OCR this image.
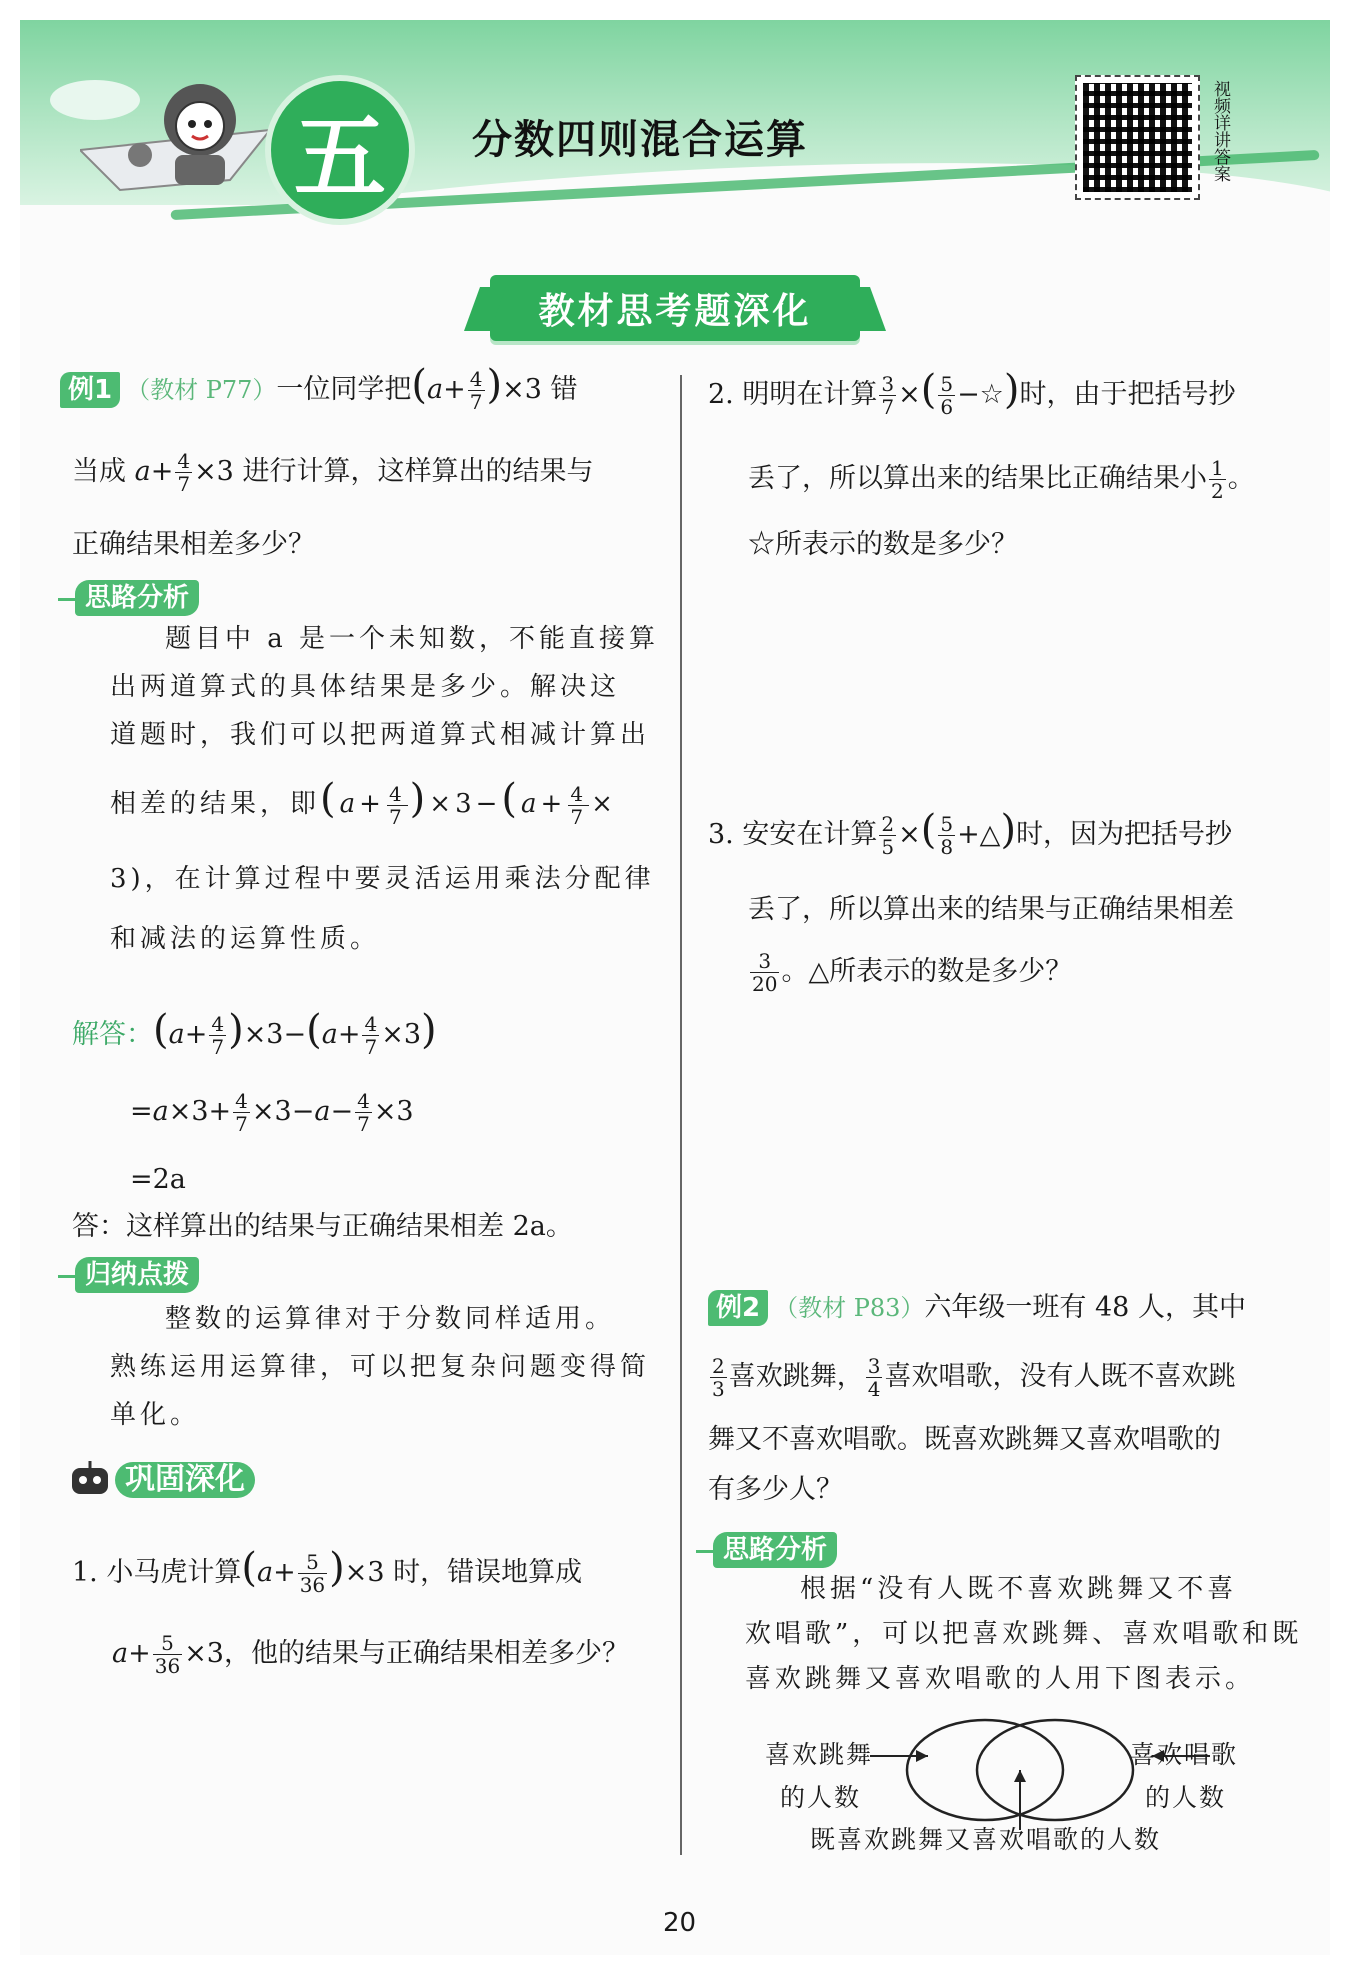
五	分数四则混合运算	视频详讲答案
教材思考题深化
例1 （教材 P77）一位同学把$(a+ \frac{4}{7} )\times 3$ 错
当成 $a+ \frac{4}{7} \times 3$ 进行计算，这样算出的结果与
正确结果相差多少？
思路分析
题目中 a 是一个未知数，不能直接算
出两道算式的具体结果是多少。解决这
道题时，我们可以把两道算式相减计算出
相差的结果，即$(a+ \frac{4}{7} )\times 3-(a+ \frac{4}{7}$ ×
3)，在计算过程中要灵活运用乘法分配律
和减法的运算性质。
解答：$(a+ \frac{4}{7} )\times 3-(a+ \frac{4}{7} \times 3)$
$=a\times 3+ \frac{4}{7} \times 3-a- \frac{4}{7} \times 3$
=2a
答：这样算出的结果与正确结果相差 2a。
归纳点拨
整数的运算律对于分数同样适用。
熟练运用运算律，可以把复杂问题变得简
单化。
巩固深化
1. 小马虎计算$(a+ \frac{5}{36} )\times 3$ 时，错误地算成
$a+ \frac{5}{36} \times 3$，他的结果与正确结果相差多少？
2. 明明在计算 $\frac{3}{7}$ ×( $\frac{5}{6}$ −☆)时，由于把括号抄
丢了，所以算出来的结果比正确结果小 $\frac{1}{2}$ 。
☆所表示的数是多少？
3. 安安在计算 $\frac{2}{5}$ ×( $\frac{5}{8}$ +△)时，因为把括号抄
丢了，所以算出来的结果与正确结果相差
$\frac{3}{20}$ 。△所表示的数是多少？
例2 （教材 P83）六年级一班有 48 人，其中
$\frac{2}{3}$ 喜欢跳舞， $\frac{3}{4}$ 喜欢唱歌，没有人既不喜欢跳
舞又不喜欢唱歌。既喜欢跳舞又喜欢唱歌的
有多少人？
思路分析
根据“没有人既不喜欢跳舞又不喜
欢唱歌”，可以把喜欢跳舞、喜欢唱歌和既
喜欢跳舞又喜欢唱歌的人用下图表示。
喜欢跳舞
的人数
喜欢唱歌
的人数
既喜欢跳舞又喜欢唱歌的人数
20
